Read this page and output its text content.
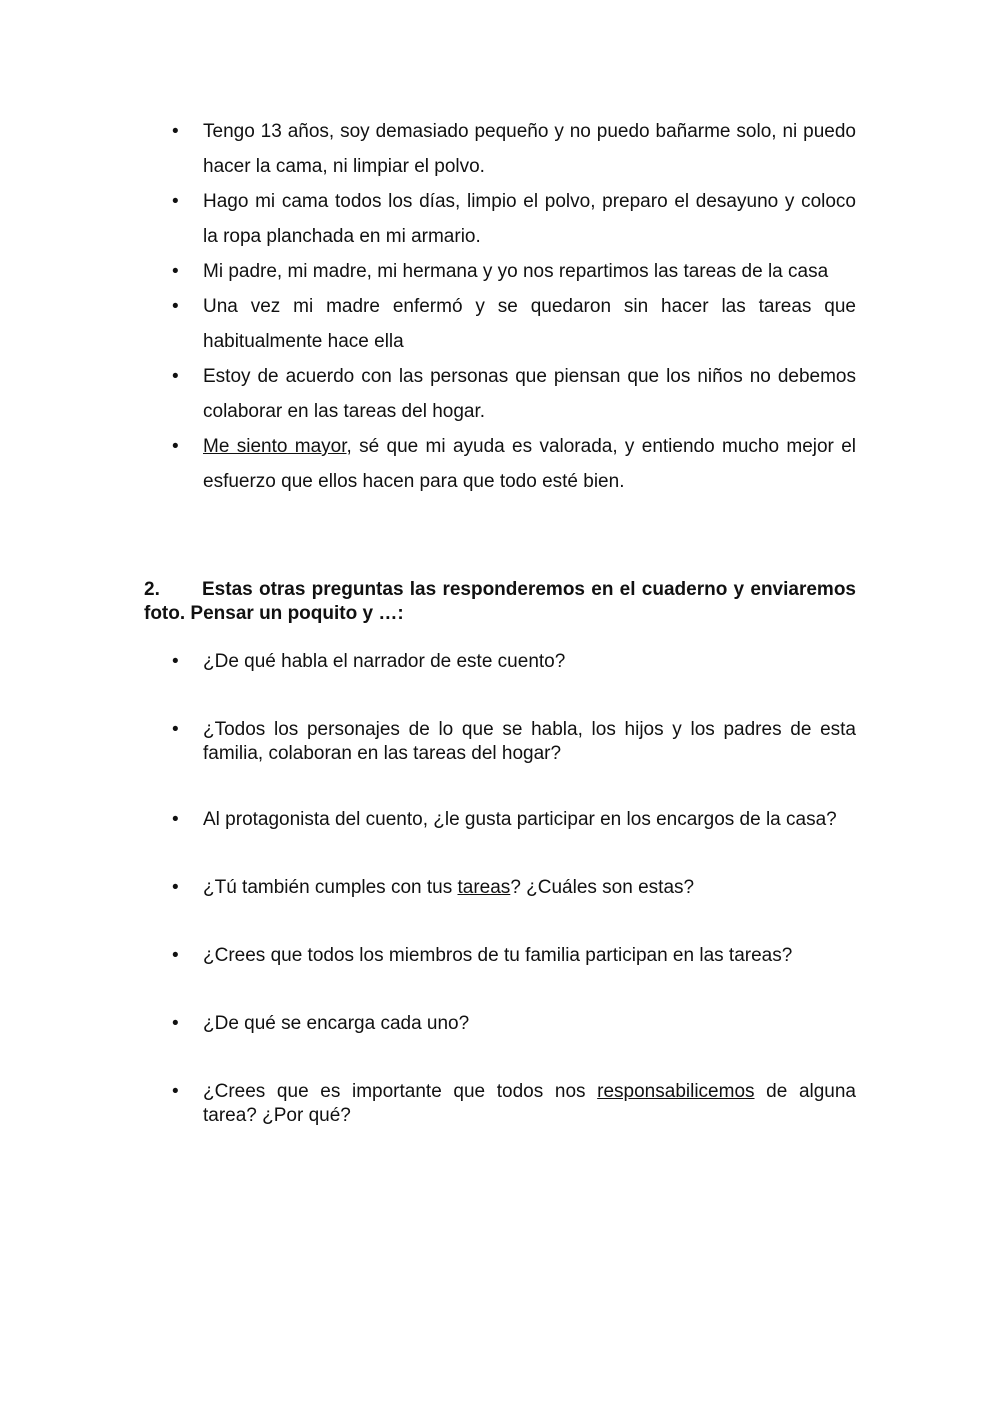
• Tengo 13 años, soy demasiado pequeño y no puedo bañarme solo, ni puedo hacer la cama, ni limpiar el polvo.
• Hago mi cama todos los días, limpio el polvo, preparo el desayuno y coloco la ropa planchada en mi armario.
• Mi padre, mi madre, mi hermana y yo nos repartimos las tareas de la casa
• Una vez mi madre enfermó y se quedaron sin hacer las tareas que habitualmente hace ella
• Estoy de acuerdo con las personas que piensan que los niños no debemos colaborar en las tareas del hogar.
• Me siento mayor, sé que mi ayuda es valorada, y entiendo mucho mejor el esfuerzo que ellos hacen para que todo esté bien.

2. Estas otras preguntas las responderemos en el cuaderno y enviaremos foto. Pensar un poquito y …:

• ¿De qué habla el narrador de este cuento?
• ¿Todos los personajes de lo que se habla, los hijos y los padres de esta familia, colaboran en las tareas del hogar?
• Al protagonista del cuento, ¿le gusta participar en los encargos de la casa?
• ¿Tú también cumples con tus tareas? ¿Cuáles son estas?
• ¿Crees que todos los miembros de tu familia participan en las tareas?
• ¿De qué se encarga cada uno?
• ¿Crees que es importante que todos nos responsabilicemos de alguna tarea? ¿Por qué?
